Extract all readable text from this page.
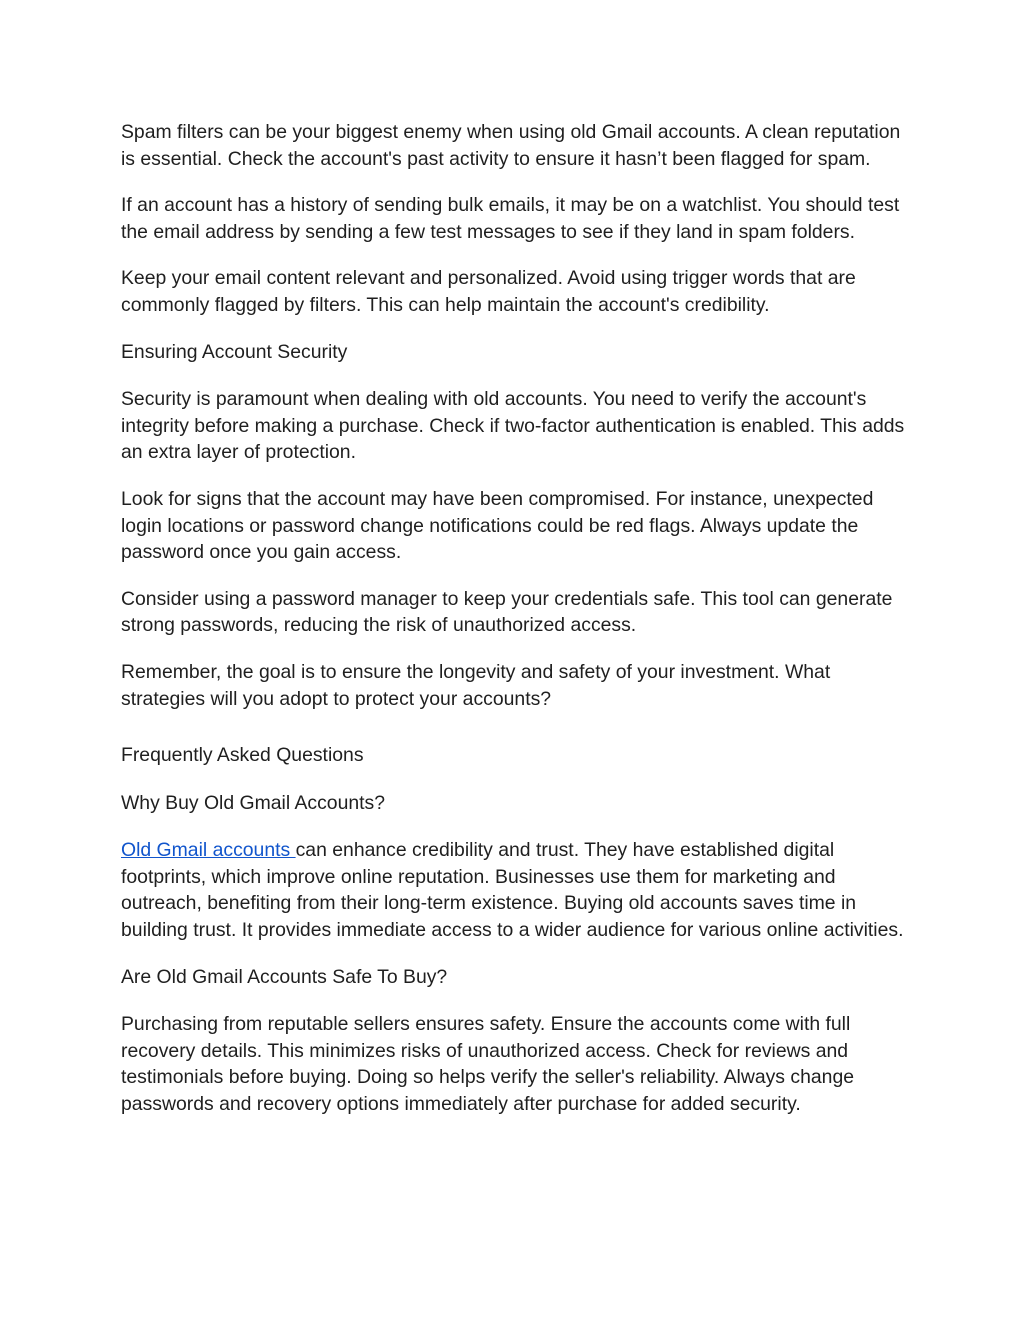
Spam filters can be your biggest enemy when using old Gmail accounts. A clean reputation is essential. Check the account's past activity to ensure it hasn’t been flagged for spam.

If an account has a history of sending bulk emails, it may be on a watchlist. You should test the email address by sending a few test messages to see if they land in spam folders.

Keep your email content relevant and personalized. Avoid using trigger words that are commonly flagged by filters. This can help maintain the account's credibility.

Ensuring Account Security

Security is paramount when dealing with old accounts. You need to verify the account's integrity before making a purchase. Check if two-factor authentication is enabled. This adds an extra layer of protection.

Look for signs that the account may have been compromised. For instance, unexpected login locations or password change notifications could be red flags. Always update the password once you gain access.

Consider using a password manager to keep your credentials safe. This tool can generate strong passwords, reducing the risk of unauthorized access.

Remember, the goal is to ensure the longevity and safety of your investment. What strategies will you adopt to protect your accounts?

Frequently Asked Questions

Why Buy Old Gmail Accounts?

Old Gmail accounts can enhance credibility and trust. They have established digital footprints, which improve online reputation. Businesses use them for marketing and outreach, benefiting from their long-term existence. Buying old accounts saves time in building trust. It provides immediate access to a wider audience for various online activities.

Are Old Gmail Accounts Safe To Buy?

Purchasing from reputable sellers ensures safety. Ensure the accounts come with full recovery details. This minimizes risks of unauthorized access. Check for reviews and testimonials before buying. Doing so helps verify the seller's reliability. Always change passwords and recovery options immediately after purchase for added security.
